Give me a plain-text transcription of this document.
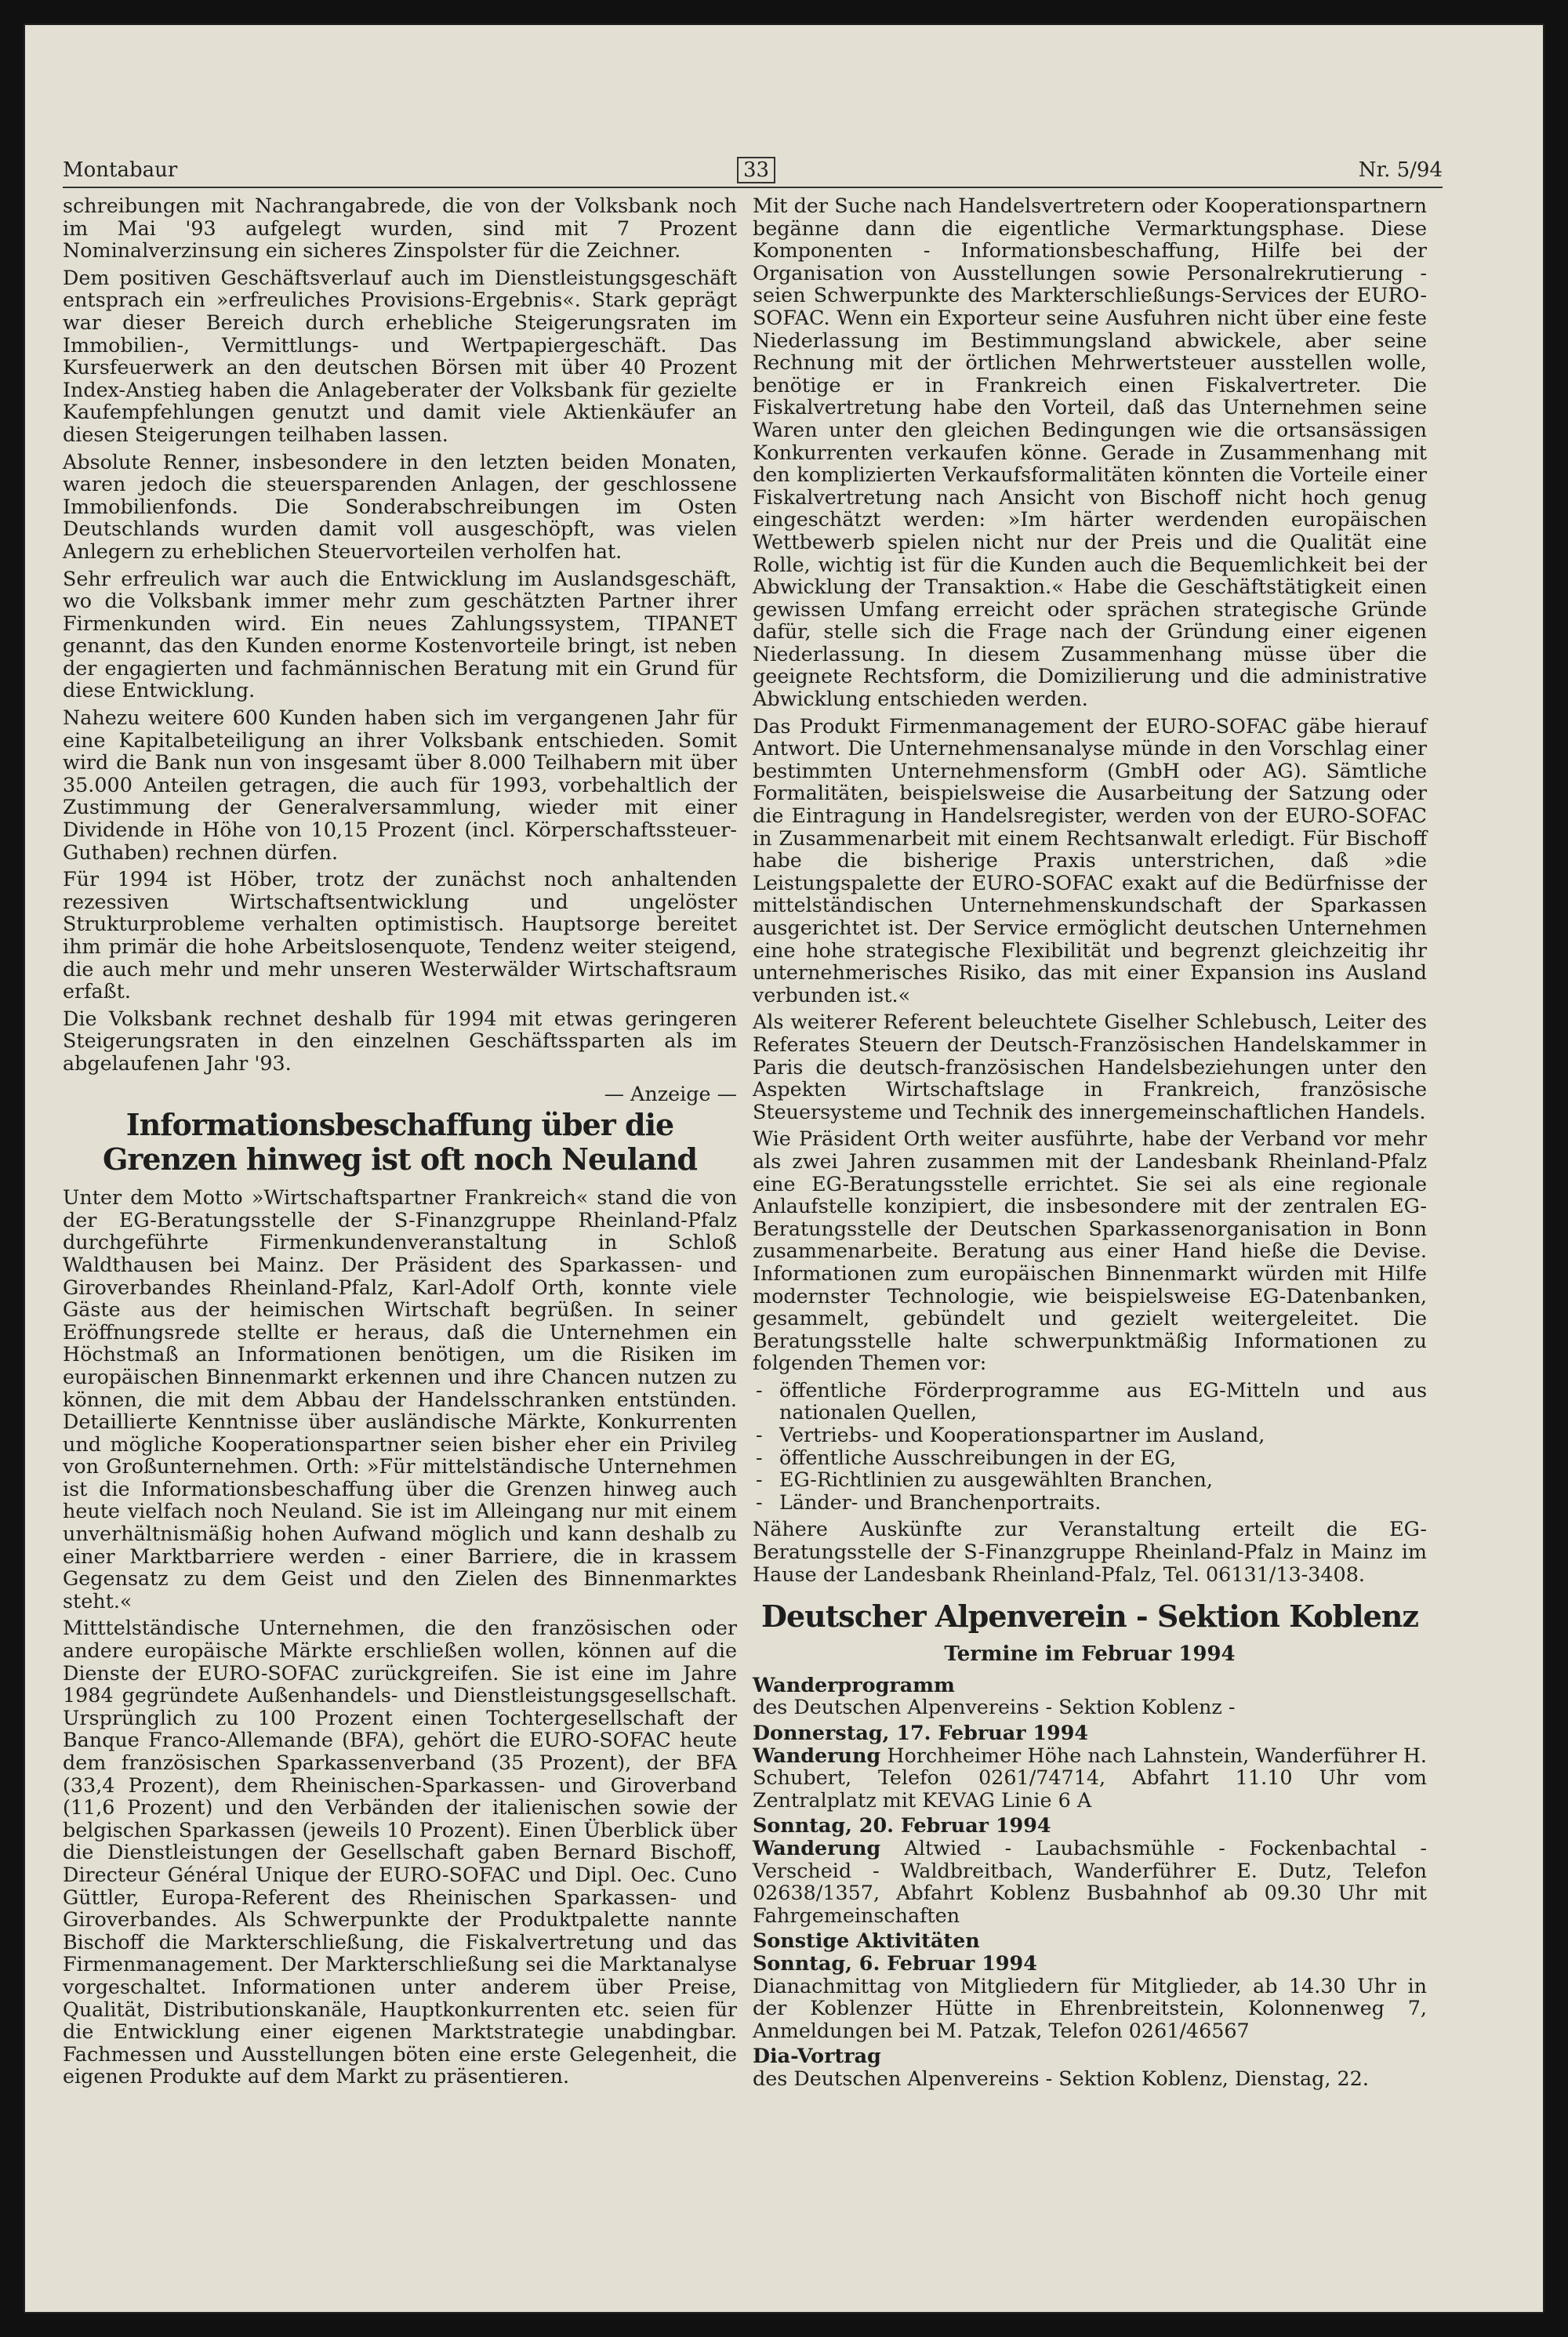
Montabaur	33	Nr. 5/94

schreibungen mit Nachrangabrede, die von der Volksbank noch im Mai '93 aufgelegt wurden, sind mit 7 Prozent Nominalverzinsung ein sicheres Zinspolster für die Zeichner.

Dem positiven Geschäftsverlauf auch im Dienstleistungsgeschäft entsprach ein »erfreuliches Provisions-Ergebnis«. Stark geprägt war dieser Bereich durch erhebliche Steigerungsraten im Immobilien-, Vermittlungs- und Wertpapiergeschäft. Das Kursfeuerwerk an den deutschen Börsen mit über 40 Prozent Index-Anstieg haben die Anlageberater der Volksbank für gezielte Kaufempfehlungen genutzt und damit viele Aktienkäufer an diesen Steigerungen teilhaben lassen.

Absolute Renner, insbesondere in den letzten beiden Monaten, waren jedoch die steuersparenden Anlagen, der geschlossene Immobilienfonds. Die Sonderabschreibungen im Osten Deutschlands wurden damit voll ausgeschöpft, was vielen Anlegern zu erheblichen Steuervorteilen verholfen hat.

Sehr erfreulich war auch die Entwicklung im Auslandsgeschäft, wo die Volksbank immer mehr zum geschätzten Partner ihrer Firmenkunden wird. Ein neues Zahlungssystem, TIPANET genannt, das den Kunden enorme Kostenvorteile bringt, ist neben der engagierten und fachmännischen Beratung mit ein Grund für diese Entwicklung.

Nahezu weitere 600 Kunden haben sich im vergangenen Jahr für eine Kapitalbeteiligung an ihrer Volksbank entschieden. Somit wird die Bank nun von insgesamt über 8.000 Teilhabern mit über 35.000 Anteilen getragen, die auch für 1993, vorbehaltlich der Zustimmung der Generalversammlung, wieder mit einer Dividende in Höhe von 10,15 Prozent (incl. Körperschaftssteuer-Guthaben) rechnen dürfen.

Für 1994 ist Höber, trotz der zunächst noch anhaltenden rezessiven Wirtschaftsentwicklung und ungelöster Strukturprobleme verhalten optimistisch. Hauptsorge bereitet ihm primär die hohe Arbeitslosenquote, Tendenz weiter steigend, die auch mehr und mehr unseren Westerwälder Wirtschaftsraum erfaßt.

Die Volksbank rechnet deshalb für 1994 mit etwas geringeren Steigerungsraten in den einzelnen Geschäftssparten als im abgelaufenen Jahr '93.

— Anzeige —
Informationsbeschaffung über die Grenzen hinweg ist oft noch Neuland

Unter dem Motto »Wirtschaftspartner Frankreich« stand die von der EG-Beratungsstelle der S-Finanzgruppe Rheinland-Pfalz durchgeführte Firmenkundenveranstaltung in Schloß Waldthausen bei Mainz. Der Präsident des Sparkassen- und Giroverbandes Rheinland-Pfalz, Karl-Adolf Orth, konnte viele Gäste aus der heimischen Wirtschaft begrüßen. In seiner Eröffnungsrede stellte er heraus, daß die Unternehmen ein Höchstmaß an Informationen benötigen, um die Risiken im europäischen Binnenmarkt erkennen und ihre Chancen nutzen zu können, die mit dem Abbau der Handelsschranken entstünden. Detaillierte Kenntnisse über ausländische Märkte, Konkurrenten und mögliche Kooperationspartner seien bisher eher ein Privileg von Großunternehmen. Orth: »Für mittelständische Unternehmen ist die Informationsbeschaffung über die Grenzen hinweg auch heute vielfach noch Neuland. Sie ist im Alleingang nur mit einem unverhältnismäßig hohen Aufwand möglich und kann deshalb zu einer Marktbarriere werden - einer Barriere, die in krassem Gegensatz zu dem Geist und den Zielen des Binnenmarktes steht.«

Mitttelständische Unternehmen, die den französischen oder andere europäische Märkte erschließen wollen, können auf die Dienste der EURO-SOFAC zurückgreifen. Sie ist eine im Jahre 1984 gegründete Außenhandels- und Dienstleistungsgesellschaft. Ursprünglich zu 100 Prozent einen Tochtergesellschaft der Banque Franco-Allemande (BFA), gehört die EURO-SOFAC heute dem französischen Sparkassenverband (35 Prozent), der BFA (33,4 Prozent), dem Rheinischen-Sparkassen- und Giroverband (11,6 Prozent) und den Verbänden der italienischen sowie der belgischen Sparkassen (jeweils 10 Prozent). Einen Überblick über die Dienstleistungen der Gesellschaft gaben Bernard Bischoff, Directeur Général Unique der EURO-SOFAC und Dipl. Oec. Cuno Güttler, Europa-Referent des Rheinischen Sparkassen- und Giroverbandes. Als Schwerpunkte der Produktpalette nannte Bischoff die Markterschließung, die Fiskalvertretung und das Firmenmanagement. Der Markterschließung sei die Marktanalyse vorgeschaltet. Informationen unter anderem über Preise, Qualität, Distributionskanäle, Hauptkonkurrenten etc. seien für die Entwicklung einer eigenen Marktstrategie unabdingbar. Fachmessen und Ausstellungen böten eine erste Gelegenheit, die eigenen Produkte auf dem Markt zu präsentieren.

Mit der Suche nach Handelsvertretern oder Kooperationspartnern begänne dann die eigentliche Vermarktungsphase. Diese Komponenten - Informationsbeschaffung, Hilfe bei der Organisation von Ausstellungen sowie Personalrekrutierung - seien Schwerpunkte des Markterschließungs-Services der EURO-SOFAC. Wenn ein Exporteur seine Ausfuhren nicht über eine feste Niederlassung im Bestimmungsland abwickele, aber seine Rechnung mit der örtlichen Mehrwertsteuer ausstellen wolle, benötige er in Frankreich einen Fiskalvertreter. Die Fiskalvertretung habe den Vorteil, daß das Unternehmen seine Waren unter den gleichen Bedingungen wie die ortsansässigen Konkurrenten verkaufen könne. Gerade in Zusammenhang mit den komplizierten Verkaufsformalitäten könnten die Vorteile einer Fiskalvertretung nach Ansicht von Bischoff nicht hoch genug eingeschätzt werden: »Im härter werdenden europäischen Wettbewerb spielen nicht nur der Preis und die Qualität eine Rolle, wichtig ist für die Kunden auch die Bequemlichkeit bei der Abwicklung der Transaktion.« Habe die Geschäftstätigkeit einen gewissen Umfang erreicht oder sprächen strategische Gründe dafür, stelle sich die Frage nach der Gründung einer eigenen Niederlassung. In diesem Zusammenhang müsse über die geeignete Rechtsform, die Domizilierung und die administrative Abwicklung entschieden werden.

Das Produkt Firmenmanagement der EURO-SOFAC gäbe hierauf Antwort. Die Unternehmensanalyse münde in den Vorschlag einer bestimmten Unternehmensform (GmbH oder AG). Sämtliche Formalitäten, beispielsweise die Ausarbeitung der Satzung oder die Eintragung in Handelsregister, werden von der EURO-SOFAC in Zusammenarbeit mit einem Rechtsanwalt erledigt. Für Bischoff habe die bisherige Praxis unterstrichen, daß »die Leistungspalette der EURO-SOFAC exakt auf die Bedürfnisse der mittelständischen Unternehmenskundschaft der Sparkassen ausgerichtet ist. Der Service ermöglicht deutschen Unternehmen eine hohe strategische Flexibilität und begrenzt gleichzeitig ihr unternehmerisches Risiko, das mit einer Expansion ins Ausland verbunden ist.«

Als weiterer Referent beleuchtete Giselher Schlebusch, Leiter des Referates Steuern der Deutsch-Französischen Handelskammer in Paris die deutsch-französischen Handelsbeziehungen unter den Aspekten Wirtschaftslage in Frankreich, französische Steuersysteme und Technik des innergemeinschaftlichen Handels.

Wie Präsident Orth weiter ausführte, habe der Verband vor mehr als zwei Jahren zusammen mit der Landesbank Rheinland-Pfalz eine EG-Beratungsstelle errichtet. Sie sei als eine regionale Anlaufstelle konzipiert, die insbesondere mit der zentralen EG-Beratungsstelle der Deutschen Sparkassenorganisation in Bonn zusammenarbeite. Beratung aus einer Hand hieße die Devise. Informationen zum europäischen Binnenmarkt würden mit Hilfe modernster Technologie, wie beispielsweise EG-Datenbanken, gesammelt, gebündelt und gezielt weitergeleitet. Die Beratungsstelle halte schwerpunktmäßig Informationen zu folgenden Themen vor:

- öffentliche Förderprogramme aus EG-Mitteln und aus nationalen Quellen,
- Vertriebs- und Kooperationspartner im Ausland,
- öffentliche Ausschreibungen in der EG,
- EG-Richtlinien zu ausgewählten Branchen,
- Länder- und Branchenportraits.

Nähere Auskünfte zur Veranstaltung erteilt die EG-Beratungsstelle der S-Finanzgruppe Rheinland-Pfalz in Mainz im Hause der Landesbank Rheinland-Pfalz, Tel. 06131/13-3408.

Deutscher Alpenverein - Sektion Koblenz
Termine im Februar 1994
Wanderprogramm
des Deutschen Alpenvereins - Sektion Koblenz -
Donnerstag, 17. Februar 1994
Wanderung Horchheimer Höhe nach Lahnstein, Wanderführer H. Schubert, Telefon 0261/74714, Abfahrt 11.10 Uhr vom Zentralplatz mit KEVAG Linie 6 A
Sonntag, 20. Februar 1994
Wanderung Altwied - Laubachsmühle - Fockenbachtal - Verscheid - Waldbreitbach, Wanderführer E. Dutz, Telefon 02638/1357, Abfahrt Koblenz Busbahnhof ab 09.30 Uhr mit Fahrgemeinschaften
Sonstige Aktivitäten
Sonntag, 6. Februar 1994
Dianachmittag von Mitgliedern für Mitglieder, ab 14.30 Uhr in der Koblenzer Hütte in Ehrenbreitstein, Kolonnenweg 7, Anmeldungen bei M. Patzak, Telefon 0261/46567
Dia-Vortrag
des Deutschen Alpenvereins - Sektion Koblenz, Dienstag, 22.
